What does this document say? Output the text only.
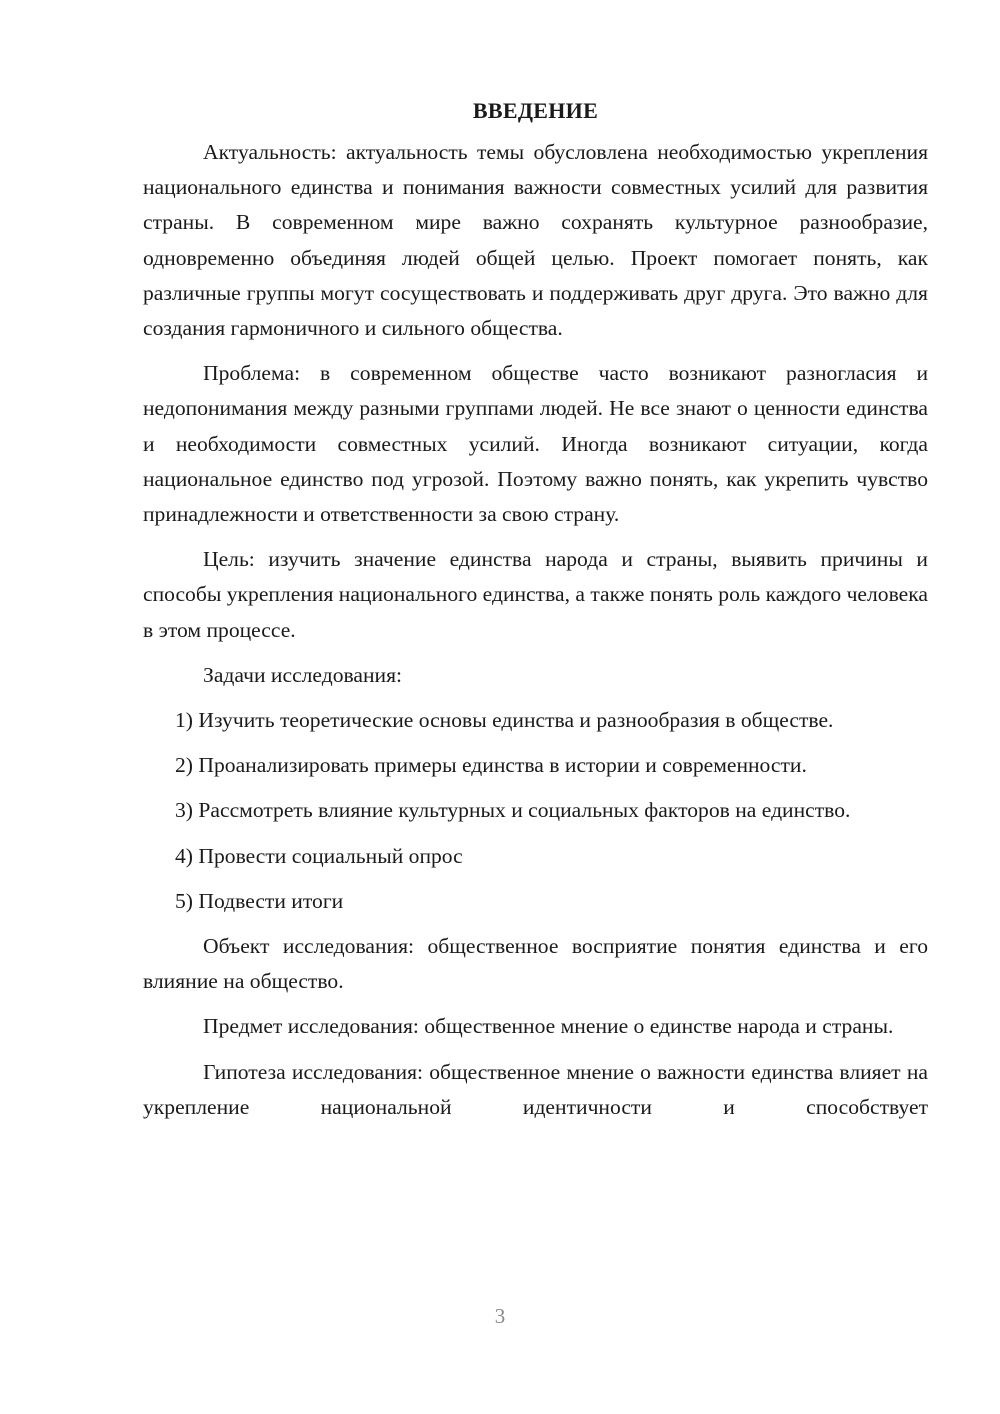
ВВЕДЕНИЕ

Актуальность: актуальность темы обусловлена необходимостью укрепления национального единства и понимания важности совместных усилий для развития страны. В современном мире важно сохранять культурное разнообразие, одновременно объединяя людей общей целью. Проект помогает понять, как различные группы могут сосуществовать и поддерживать друг друга. Это важно для создания гармоничного и сильного общества.

Проблема: в современном обществе часто возникают разногласия и недопонимания между разными группами людей. Не все знают о ценности единства и необходимости совместных усилий. Иногда возникают ситуации, когда национальное единство под угрозой. Поэтому важно понять, как укрепить чувство принадлежности и ответственности за свою страну.

Цель: изучить значение единства народа и страны, выявить причины и способы укрепления национального единства, а также понять роль каждого человека в этом процессе.

Задачи исследования:

1) Изучить теоретические основы единства и разнообразия в обществе.

2) Проанализировать примеры единства в истории и современности.

3) Рассмотреть влияние культурных и социальных факторов на единство.

4) Провести социальный опрос

5) Подвести итоги

Объект исследования: общественное восприятие понятия единства и его влияние на общество.

Предмет исследования: общественное мнение о единстве народа и страны.

Гипотеза исследования: общественное мнение о важности единства влияет на укрепление национальной идентичности и способствует

3
